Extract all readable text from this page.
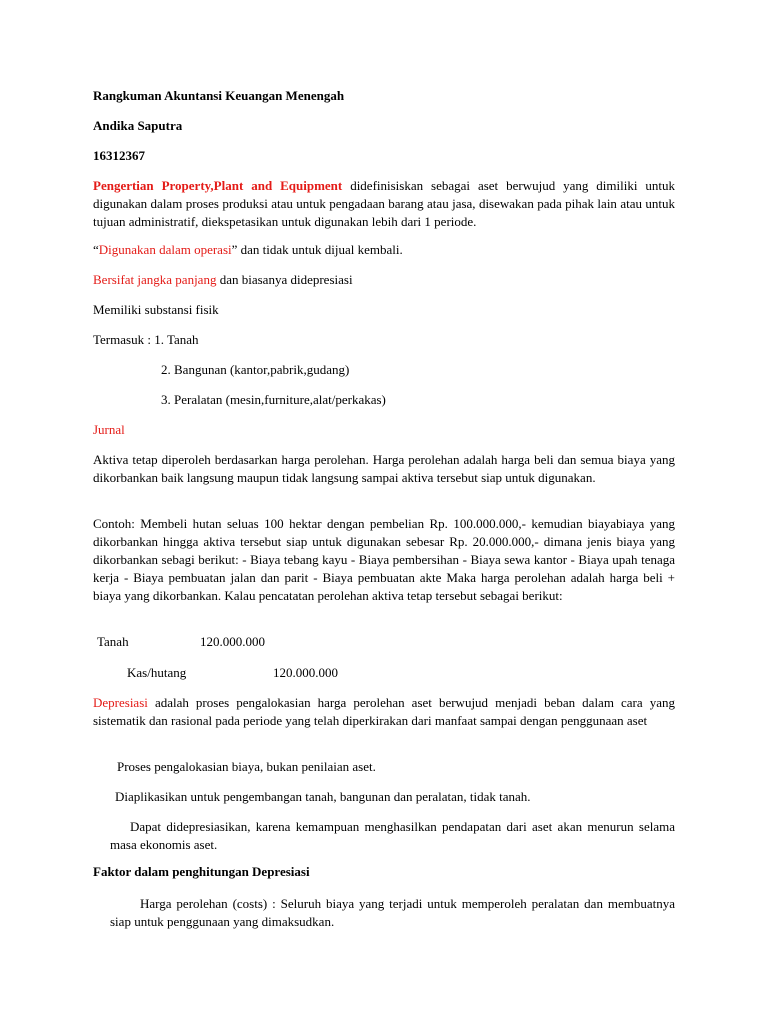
Rangkuman Akuntansi Keuangan Menengah

Andika Saputra

16312367

Pengertian Property,Plant and Equipment didefinisiskan sebagai aset berwujud yang dimiliki untuk digunakan dalam proses produksi atau untuk pengadaan barang atau jasa, disewakan pada pihak lain atau untuk tujuan administratif, diekspetasikan untuk digunakan lebih dari 1 periode.

“Digunakan dalam operasi” dan tidak untuk dijual kembali.

Bersifat jangka panjang dan biasanya didepresiasi

Memiliki substansi fisik

Termasuk : 1. Tanah

2. Bangunan (kantor,pabrik,gudang)

3. Peralatan (mesin,furniture,alat/perkakas)

Jurnal

Aktiva tetap diperoleh berdasarkan harga perolehan. Harga perolehan adalah harga beli dan semua biaya yang dikorbankan baik langsung maupun tidak langsung sampai aktiva tersebut siap untuk digunakan.

Contoh: Membeli hutan seluas 100 hektar dengan pembelian Rp. 100.000.000,- kemudian biayabiaya yang dikorbankan hingga aktiva tersebut siap untuk digunakan sebesar Rp. 20.000.000,- dimana jenis biaya yang dikorbankan sebagi berikut: - Biaya tebang kayu - Biaya pembersihan - Biaya sewa kantor - Biaya upah tenaga kerja - Biaya pembuatan jalan dan parit - Biaya pembuatan akte Maka harga perolehan adalah harga beli + biaya yang dikorbankan. Kalau pencatatan perolehan aktiva tetap tersebut sebagai berikut:

Tanah	120.000.000

Kas/hutang	120.000.000

Depresiasi adalah proses pengalokasian harga perolehan aset berwujud menjadi beban dalam cara yang sistematik dan rasional pada periode yang telah diperkirakan dari manfaat sampai dengan penggunaan aset

Proses pengalokasian biaya, bukan penilaian aset.

Diaplikasikan untuk pengembangan tanah, bangunan dan peralatan, tidak tanah.

Dapat didepresiasikan, karena kemampuan menghasilkan pendapatan dari aset akan menurun selama masa ekonomis aset.

Faktor dalam penghitungan Depresiasi

Harga perolehan (costs) : Seluruh biaya yang terjadi untuk memperoleh peralatan dan membuatnya siap untuk penggunaan yang dimaksudkan.
